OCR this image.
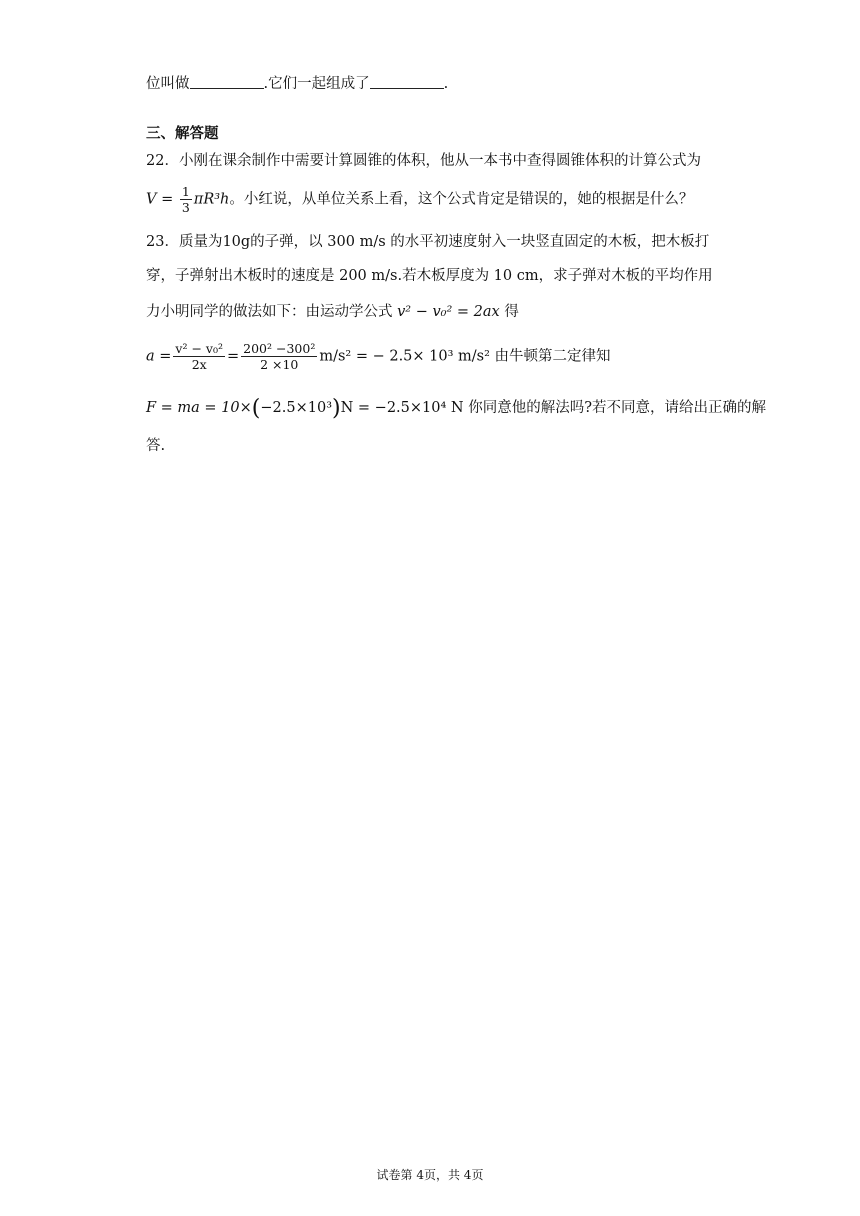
位叫做	.它们一起组成了	.
三、解答题
22．小刚在课余制作中需要计算圆锥的体积，他从一本书中查得圆锥体积的计算公式为
$V = \frac{1}{3} \pi R^3h$。小红说，从单位关系上看，这个公式肯定是错误的，她的根据是什么？
23．质量为10g的子弹，以 300 m/s 的水平初速度射入一块竖直固定的木板，把木板打
穿，子弹射出木板时的速度是 200 m/s.若木板厚度为 10 cm，求子弹对木板的平均作用
力小明同学的做法如下：由运动学公式 v² − v₀² = 2ax 得
$a = \frac{\text{v² − v₀²}}{2x} = \frac{\text{200² −300²}}{2 \times 10} m/s^2$ = − 2.5× 10³ m/s² 由牛顿第二定律知
F = ma = 10×(−2.5×10³)N = −2.5×10⁴ N 你同意他的解法吗?若不同意，请给出正确的解
答.
试卷第 4页，共 4页
